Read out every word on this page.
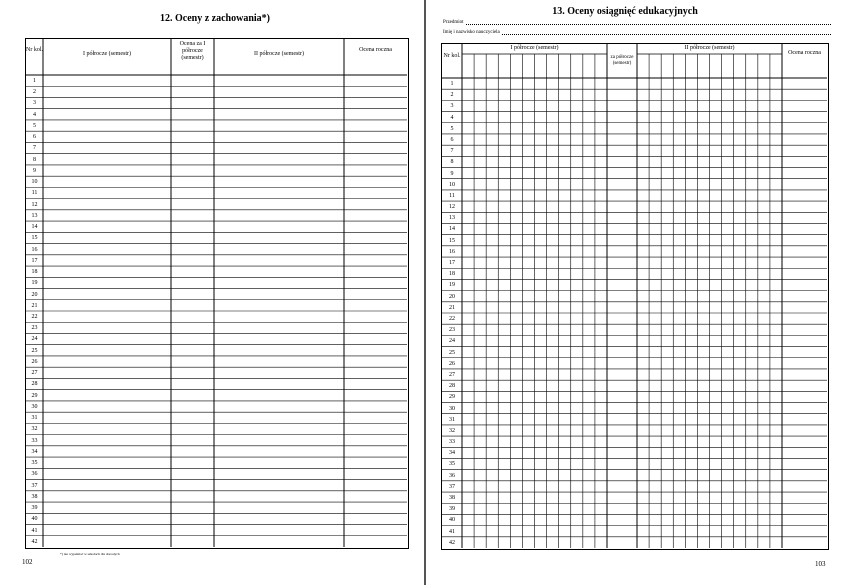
12. Oceny z zachowania*)
Nr kol.
I półrocze (semestr)
Ocena za I półrocze (semestr)
II półrocze (semestr)
Ocena roczna
1
2
3
4
5
6
7
8
9
10
11
12
13
14
15
16
17
18
19
20
21
22
23
24
25
26
27
28
29
30
31
32
33
34
35
36
37
38
39
40
41
42
*) nie wypełniać w szkołach dla dorosłych
102
13. Oceny osiągnięć edukacyjnych
Przedmiot
Imię i nazwisko nauczyciela
Nr kol.
I półrocze (semestr)
za półrocze (semestr)
II półrocze (semestr)
Ocena roczna
1
2
3
4
5
6
7
8
9
10
11
12
13
14
15
16
17
18
19
20
21
22
23
24
25
26
27
28
29
30
31
32
33
34
35
36
37
38
39
40
41
42
103
